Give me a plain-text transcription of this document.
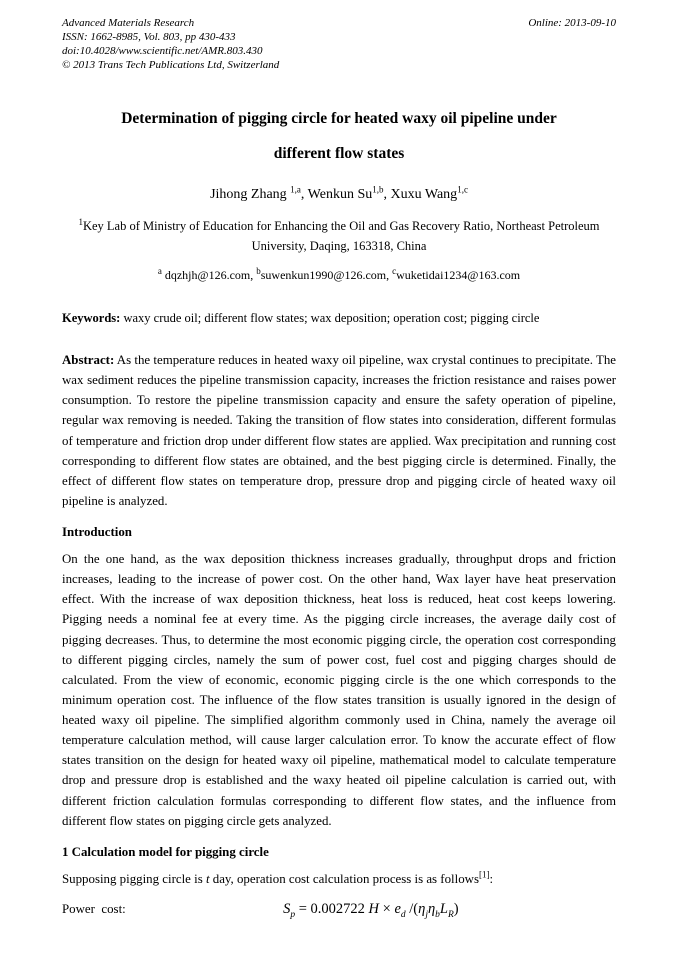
Advanced Materials Research
ISSN: 1662-8985, Vol. 803, pp 430-433
doi:10.4028/www.scientific.net/AMR.803.430
© 2013 Trans Tech Publications Ltd, Switzerland
Online: 2013-09-10
Determination of pigging circle for heated waxy oil pipeline under
different flow states

Jihong Zhang $^{1,a}$, Wenkun Su$^{1,b}$, Xuxu Wang$^{1,c}$

$^1$Key Lab of Ministry of Education for Enhancing the Oil and Gas Recovery Ratio, Northeast Petroleum University, Daqing, 163318, China

$^a$ dqzhjh@126.com, $^b$suwenkun1990@126.com, $^c$wuketidai1234@163.com

Keywords: waxy crude oil; different flow states; wax deposition; operation cost; pigging circle

Abstract: As the temperature reduces in heated waxy oil pipeline, wax crystal continues to precipitate. The wax sediment reduces the pipeline transmission capacity, increases the friction resistance and raises power consumption. To restore the pipeline transmission capacity and ensure the safety operation of pipeline, regular wax removing is needed. Taking the transition of flow states into consideration, different formulas of temperature and friction drop under different flow states are applied. Wax precipitation and running cost corresponding to different flow states are obtained, and the best pigging circle is determined. Finally, the effect of different flow states on temperature drop, pressure drop and pigging circle of heated waxy oil pipeline is analyzed.

Introduction

On the one hand, as the wax deposition thickness increases gradually, throughput drops and friction increases, leading to the increase of power cost. On the other hand, Wax layer have heat preservation effect. With the increase of wax deposition thickness, heat loss is reduced, heat cost keeps lowering. Pigging needs a nominal fee at every time. As the pigging circle increases, the average daily cost of pigging decreases. Thus, to determine the most economic pigging circle, the operation cost corresponding to different pigging circles, namely the sum of power cost, fuel cost and pigging charges should de calculated. From the view of economic, economic pigging circle is the one which corresponds to the minimum operation cost. The influence of the flow states transition is usually ignored in the design of heated waxy oil pipeline. The simplified algorithm commonly used in China, namely the average oil temperature calculation method, will cause larger calculation error. To know the accurate effect of flow states transition on the design for heated waxy oil pipeline, mathematical model to calculate temperature drop and pressure drop is established and the waxy heated oil pipeline calculation is carried out, with different friction calculation formulas corresponding to different flow states, and the influence from different flow states on pigging circle gets analyzed.

1 Calculation model for pigging circle

Supposing pigging circle is t day, operation cost calculation process is as follows[1]:

Power  cost:	$S_p = 0.002722$ $H \times e_d$ $/(\eta_j\eta_bL_R)$
